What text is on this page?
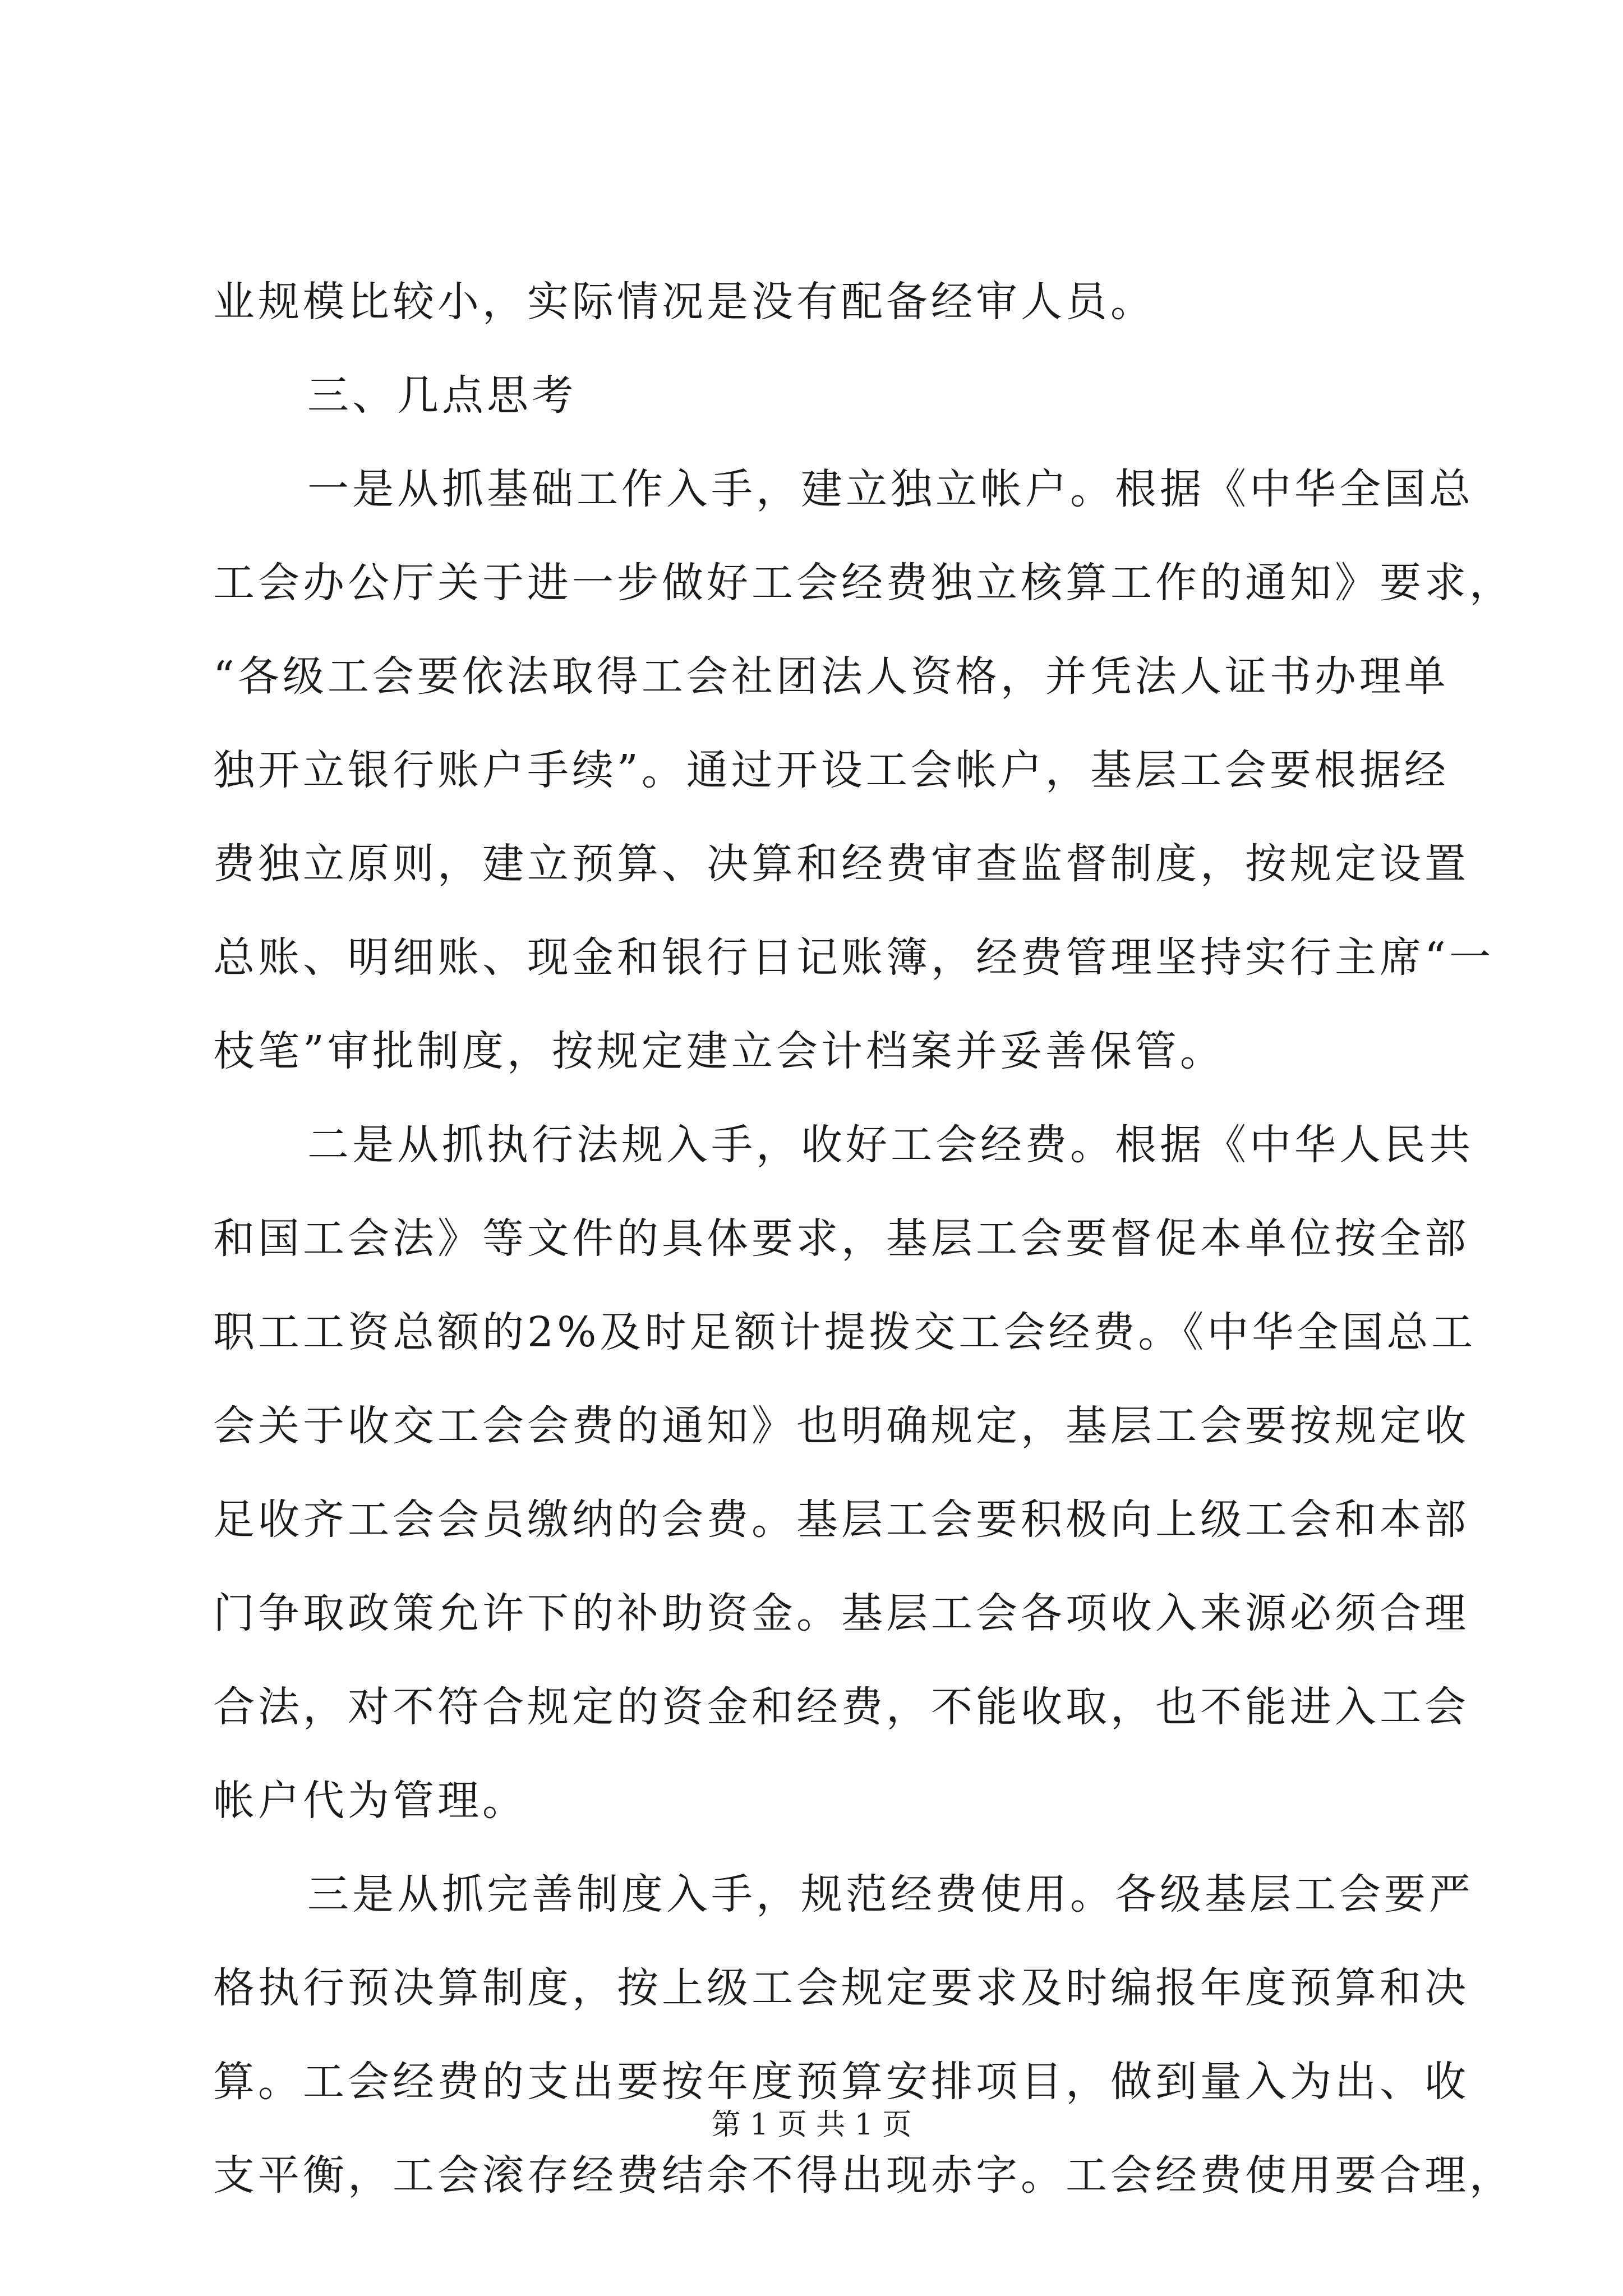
业规模比较小，实际情况是没有配备经审人员。
三、几点思考
一是从抓基础工作入手，建立独立帐户。根据《中华全国总
工会办公厅关于进一步做好工会经费独立核算工作的通知》要求，
“各级工会要依法取得工会社团法人资格，并凭法人证书办理单
独开立银行账户手续”。通过开设工会帐户，基层工会要根据经
费独立原则，建立预算、决算和经费审查监督制度，按规定设置
总账、明细账、现金和银行日记账簿，经费管理坚持实行主席“一
枝笔”审批制度，按规定建立会计档案并妥善保管。
二是从抓执行法规入手，收好工会经费。根据《中华人民共
和国工会法》等文件的具体要求，基层工会要督促本单位按全部
职工工资总额的2%及时足额计提拨交工会经费。《中华全国总工
会关于收交工会会费的通知》也明确规定，基层工会要按规定收
足收齐工会会员缴纳的会费。基层工会要积极向上级工会和本部
门争取政策允许下的补助资金。基层工会各项收入来源必须合理
合法，对不符合规定的资金和经费，不能收取，也不能进入工会
帐户代为管理。
三是从抓完善制度入手，规范经费使用。各级基层工会要严
格执行预决算制度，按上级工会规定要求及时编报年度预算和决
算。工会经费的支出要按年度预算安排项目，做到量入为出、收
支平衡，工会滚存经费结余不得出现赤字。工会经费使用要合理，
第 1 页 共 1 页
